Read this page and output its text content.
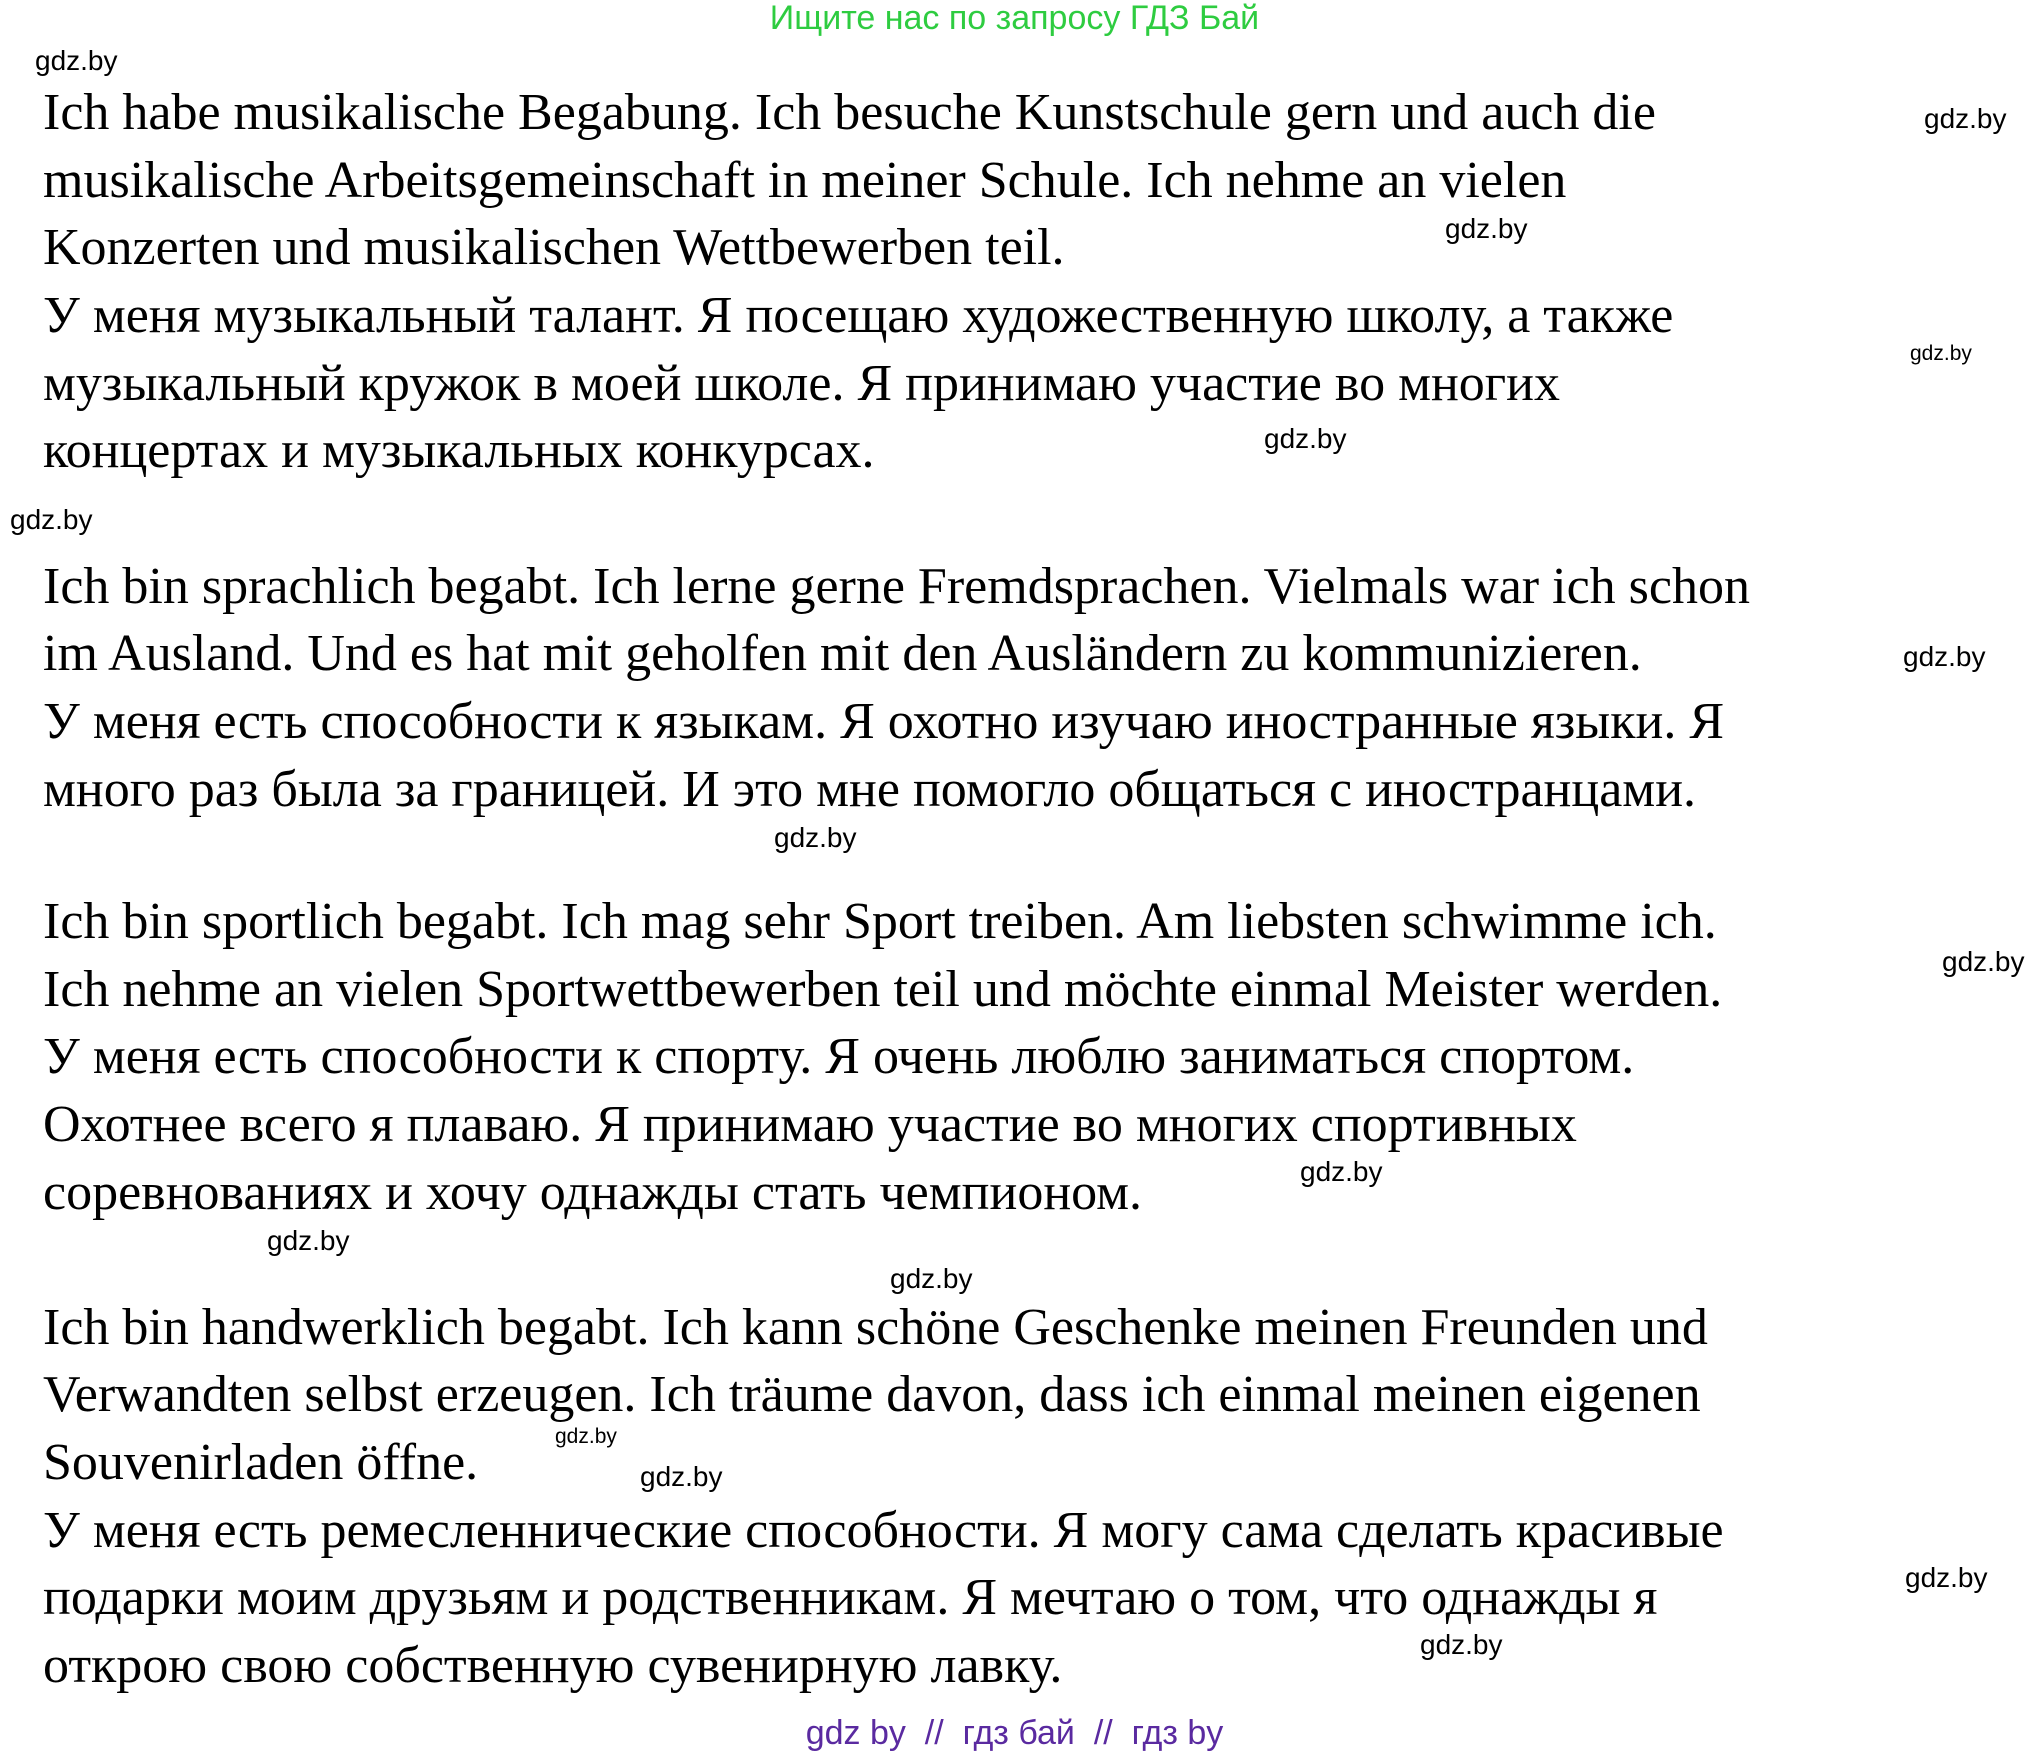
Ищите нас по запросу ГДЗ Бай
Ich habe musikalische Begabung. Ich besuche Kunstschule gern und auch die
musikalische Arbeitsgemeinschaft in meiner Schule. Ich nehme an vielen
Konzerten und musikalischen Wettbewerben teil.
У меня музыкальный талант. Я посещаю художественную школу, а также
музыкальный кружок в моей школе. Я принимаю участие во многих
концертах и музыкальных конкурсах.
Ich bin sprachlich begabt. Ich lerne gerne Fremdsprachen. Vielmals war ich schon
im Ausland. Und es hat mit geholfen mit den Ausländern zu kommunizieren.
У меня есть способности к языкам. Я охотно изучаю иностранные языки. Я
много раз была за границей. И это мне помогло общаться с иностранцами.
Ich bin sportlich begabt. Ich mag sehr Sport treiben. Am liebsten schwimme ich.
Ich nehme an vielen Sportwettbewerben teil und möchte einmal Meister werden.
У меня есть способности к спорту. Я очень люблю заниматься спортом.
Охотнее всего я плаваю. Я принимаю участие во многих спортивных
соревнованиях и хочу однажды стать чемпионом.
Ich bin handwerklich begabt. Ich kann schöne Geschenke meinen Freunden und
Verwandten selbst erzeugen. Ich träume davon, dass ich einmal meinen eigenen
Souvenirladen öffne.
У меня есть ремесленнические способности. Я могу сама сделать красивые
подарки моим друзьям и родственникам. Я мечтаю о том, что однажды я
открою свою собственную сувенирную лавку.
gdz.by
gdz.by
gdz.by
gdz.by
gdz.by
gdz.by
gdz.by
gdz.by
gdz.by
gdz.by
gdz.by
gdz.by
gdz.by
gdz.by
gdz.by
gdz.by
gdz by  //  гдз бай  //  гдз by
